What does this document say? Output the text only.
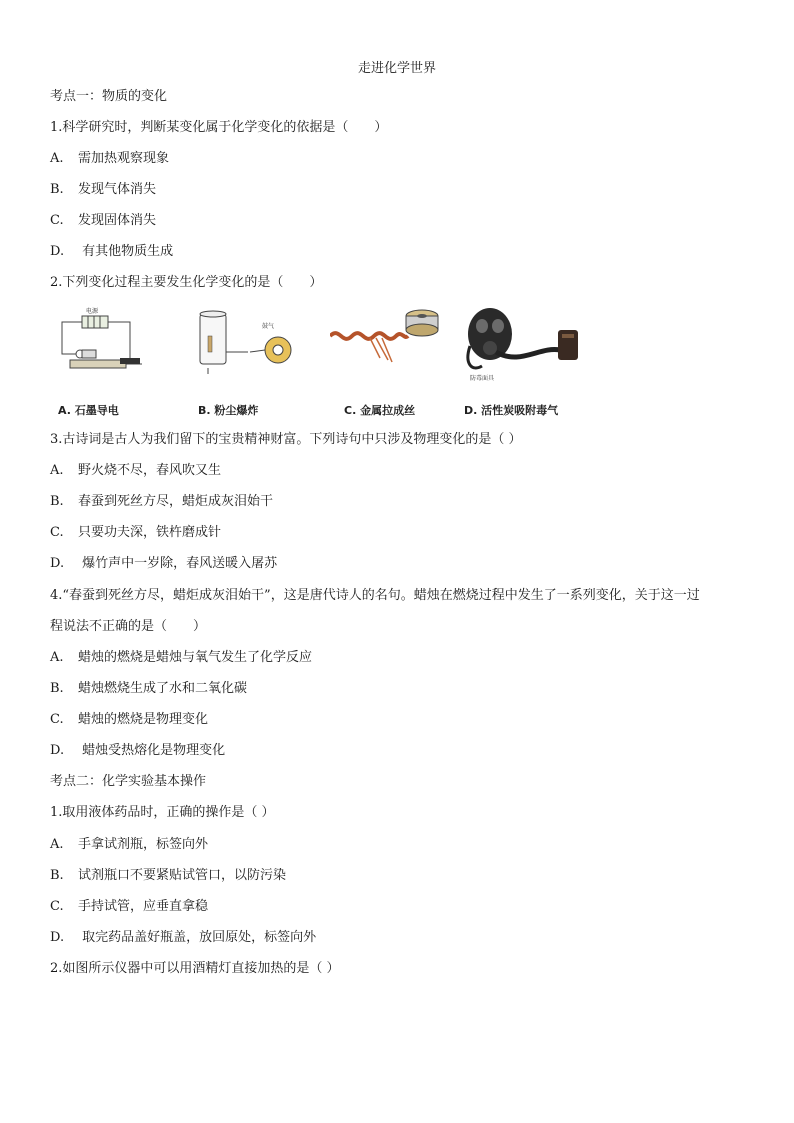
走进化学世界
考点一：物质的变化
1.科学研究时，判断某变化属于化学变化的依据是（　　）
A. 需加热观察现象
B. 发现气体消失
C. 发现固体消失
D. 有其他物质生成
2.下列变化过程主要发生化学变化的是（　　）
电源
A. 石墨导电
鼓气
B. 粉尘爆炸	C. 金属拉成丝
防毒面具
D. 活性炭吸附毒气
3.古诗词是古人为我们留下的宝贵精神财富。下列诗句中只涉及物理变化的是（ ）
A. 野火烧不尽，春风吹又生
B. 春蚕到死丝方尽，蜡炬成灰泪始干
C. 只要功夫深，铁杵磨成针
D. 爆竹声中一岁除，春风送暖入屠苏
4.“春蚕到死丝方尽，蜡炬成灰泪始干”，这是唐代诗人的名句。蜡烛在燃烧过程中发生了一系列变化，关于这一过
程说法不正确的是（　　）
A. 蜡烛的燃烧是蜡烛与氧气发生了化学反应
B. 蜡烛燃烧生成了水和二氧化碳
C. 蜡烛的燃烧是物理变化
D. 蜡烛受热熔化是物理变化
考点二：化学实验基本操作
1.取用液体药品时，正确的操作是（ ）
A. 手拿试剂瓶，标签向外
B. 试剂瓶口不要紧贴试管口，以防污染
C. 手持试管，应垂直拿稳
D. 取完药品盖好瓶盖，放回原处，标签向外
2.如图所示仪器中可以用酒精灯直接加热的是（ ）
